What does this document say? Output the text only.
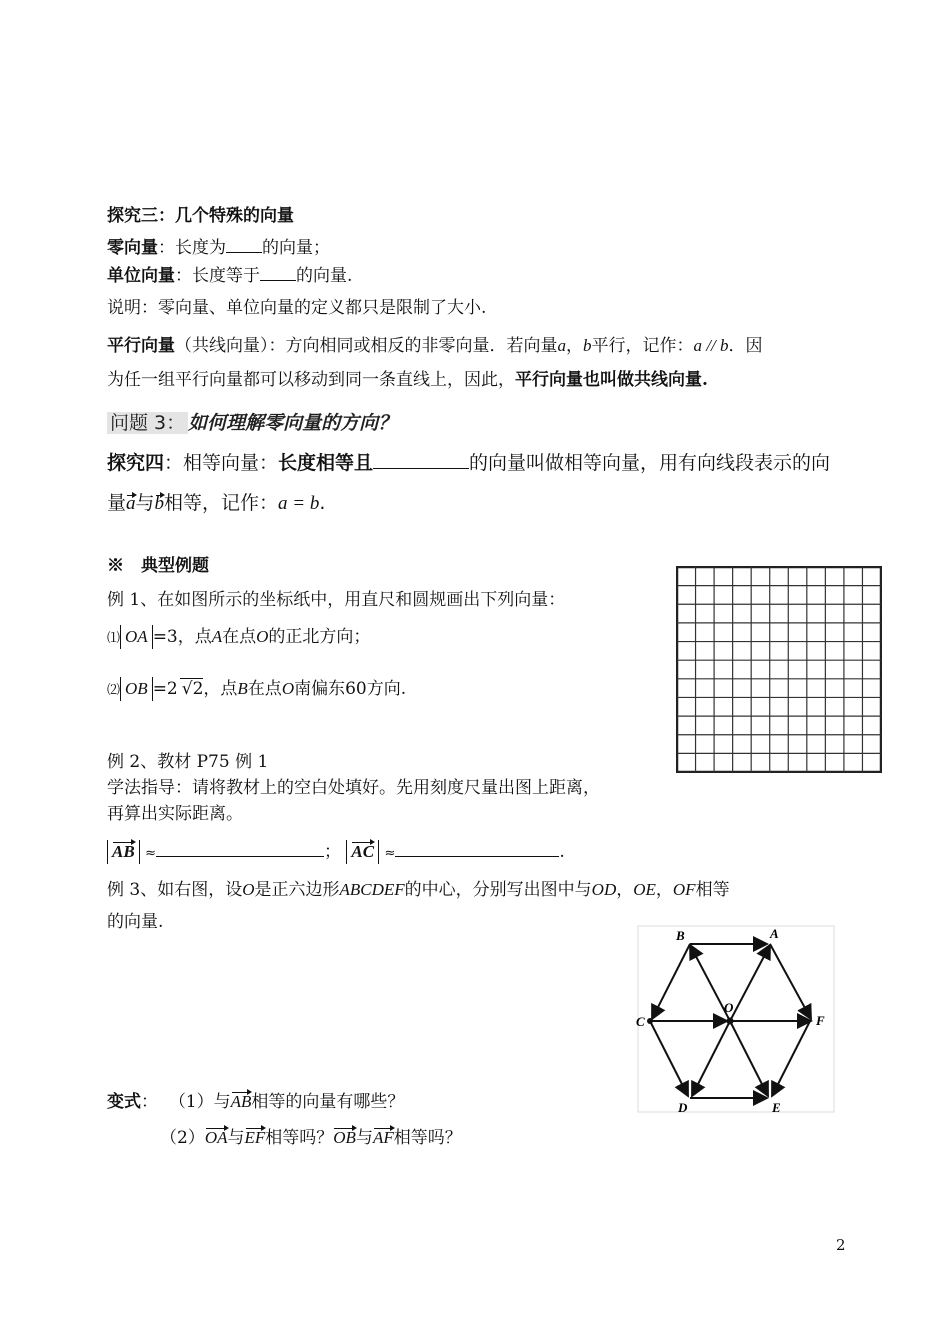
探究三：几个特殊的向量
零向量：长度为 的向量；
单位向量：长度等于 的向量.
说明：零向量、单位向量的定义都只是限制了大小.
平行向量（共线向量）：方向相同或相反的非零向量．若向量a，b平行，记作：a // b．因
为任一组平行向量都可以移动到同一条直线上，因此，平行向量也叫做共线向量.
问题 3： 如何理解零向量的方向？
探究四：相等向量：长度相等且	的向量叫做相等向量，用有向线段表示的向
量a与b相等，记作：a = b.
※　典型例题
例 1、在如图所示的坐标纸中，用直尺和圆规画出下列向量：
⑴ OA =3，点A在点O的正北方向；
⑵ OB =2 √2，点B在点O南偏东60方向.
例 2、教材 P75 例 1
学法指导：请将教材上的空白处填好。先用刻度尺量出图上距离，
再算出实际距离。
AB ≈	； AC ≈	.
例 3、如右图，设O是正六边形ABCDEF的中心，分别写出图中与OD，OE，OF相等
的向量.
B	A
C	F
O
D	E
变式： （1）与AB相等的向量有哪些？
（2）OA与EF相等吗？OB与AF相等吗？
2
